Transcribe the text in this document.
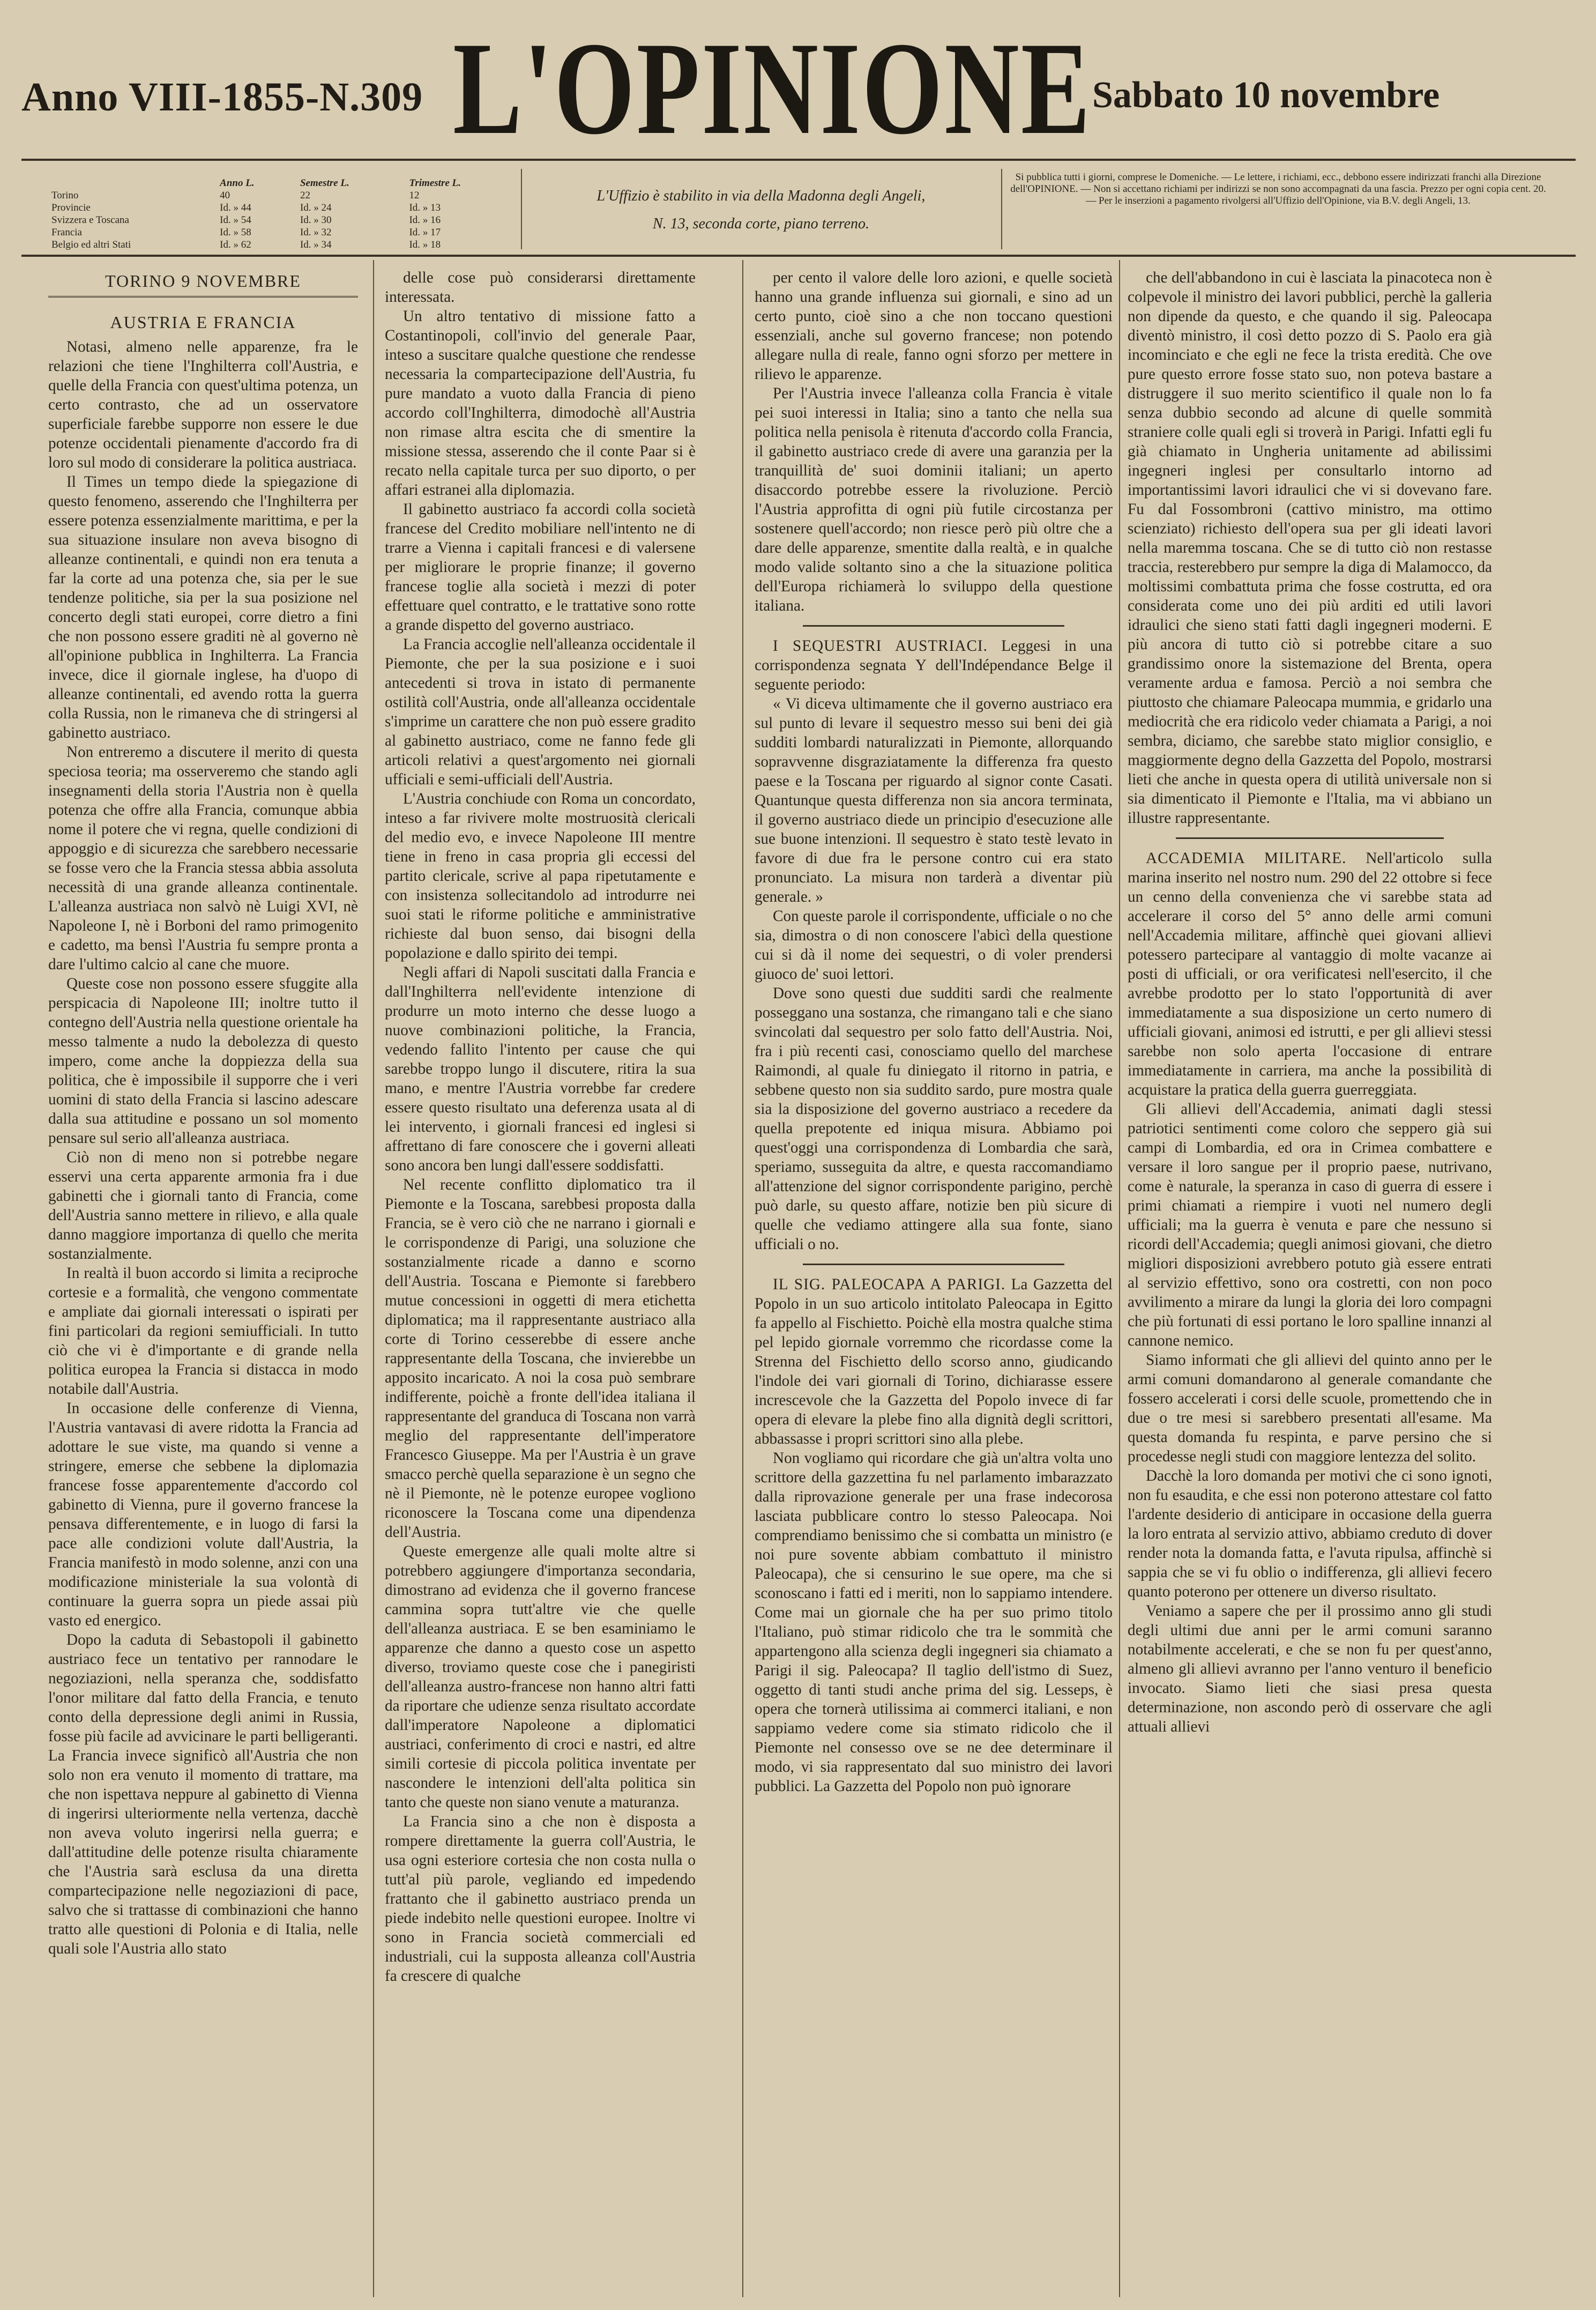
Anno VIII-1855-N.309 L'OPINIONE Sabbato 10 novembre
	Anno L.	Semestre L.	Trimestre L.
Torino	40	22	12
Provincie	Id. » 44	Id. » 24	Id. » 13
Svizzera e Toscana	Id. » 54	Id. » 30	Id. » 16
Francia	Id. » 58	Id. » 32	Id. » 17
Belgio ed altri Stati	Id. » 62	Id. » 34	Id. » 18
L'Uffizio è stabilito in via della Madonna degli Angeli,
N. 13, seconda corte, piano terreno.
Si pubblica tutti i giorni, comprese le Domeniche. — Le lettere, i richiami, ecc., debbono essere indirizzati franchi alla Direzione dell'OPINIONE. — Non si accettano richiami per indirizzi se non sono accompagnati da una fascia. Prezzo per ogni copia cent. 20. — Per le inserzioni a pagamento rivolgersi all'Uffizio dell'Opinione, via B.V. degli Angeli, 13.
TORINO 9 NOVEMBRE
AUSTRIA E FRANCIA

Notasi, almeno nelle apparenze, fra le relazioni che tiene l'Inghilterra coll'Austria, e quelle della Francia con quest'ultima potenza, un certo contrasto, che ad un osservatore superficiale farebbe supporre non essere le due potenze occidentali pienamente d'accordo fra di loro sul modo di considerare la politica austriaca.

Il Times un tempo diede la spiegazione di questo fenomeno, asserendo che l'Inghilterra per essere potenza essenzialmente marittima, e per la sua situazione insulare non aveva bisogno di alleanze continentali, e quindi non era tenuta a far la corte ad una potenza che, sia per le sue tendenze politiche, sia per la sua posizione nel concerto degli stati europei, corre dietro a fini che non possono essere graditi nè al governo nè all'opinione pubblica in Inghilterra. La Francia invece, dice il giornale inglese, ha d'uopo di alleanze continentali, ed avendo rotta la guerra colla Russia, non le rimaneva che di stringersi al gabinetto austriaco.

Non entreremo a discutere il merito di questa speciosa teoria; ma osserveremo che stando agli insegnamenti della storia l'Austria non è quella potenza che offre alla Francia, comunque abbia nome il potere che vi regna, quelle condizioni di appoggio e di sicurezza che sarebbero necessarie se fosse vero che la Francia stessa abbia assoluta necessità di una grande alleanza continentale. L'alleanza austriaca non salvò nè Luigi XVI, nè Napoleone I, nè i Borboni del ramo primogenito e cadetto, ma bensì l'Austria fu sempre pronta a dare l'ultimo calcio al cane che muore.

Queste cose non possono essere sfuggite alla perspicacia di Napoleone III; inoltre tutto il contegno dell'Austria nella questione orientale ha messo talmente a nudo la debolezza di questo impero, come anche la doppiezza della sua politica, che è impossibile il supporre che i veri uomini di stato della Francia si lascino adescare dalla sua attitudine e possano un sol momento pensare sul serio all'alleanza austriaca.

Ciò non di meno non si potrebbe negare esservi una certa apparente armonia fra i due gabinetti che i giornali tanto di Francia, come dell'Austria sanno mettere in rilievo, e alla quale danno maggiore importanza di quello che merita sostanzialmente.

In realtà il buon accordo si limita a reciproche cortesie e a formalità, che vengono commentate e ampliate dai giornali interessati o ispirati per fini particolari da regioni semiufficiali. In tutto ciò che vi è d'importante e di grande nella politica europea la Francia si distacca in modo notabile dall'Austria.

In occasione delle conferenze di Vienna, l'Austria vantavasi di avere ridotta la Francia ad adottare le sue viste, ma quando si venne a stringere, emerse che sebbene la diplomazia francese fosse apparentemente d'accordo col gabinetto di Vienna, pure il governo francese la pensava differentemente, e in luogo di farsi la pace alle condizioni volute dall'Austria, la Francia manifestò in modo solenne, anzi con una modificazione ministeriale la sua volontà di continuare la guerra sopra un piede assai più vasto ed energico.

Dopo la caduta di Sebastopoli il gabinetto austriaco fece un tentativo per rannodare le negoziazioni, nella speranza che, soddisfatto l'onor militare dal fatto della Francia, e tenuto conto della depressione degli animi in Russia, fosse più facile ad avvicinare le parti belligeranti. La Francia invece significò all'Austria che non solo non era venuto il momento di trattare, ma che non ispettava neppure al gabinetto di Vienna di ingerirsi ulteriormente nella vertenza, dacchè non aveva voluto ingerirsi nella guerra; e dall'attitudine delle potenze risulta chiaramente che l'Austria sarà esclusa da una diretta compartecipazione nelle negoziazioni di pace, salvo che si trattasse di combinazioni che hanno tratto alle questioni di Polonia e di Italia, nelle quali sole l'Austria allo stato

delle cose può considerarsi direttamente interessata.

Un altro tentativo di missione fatto a Costantinopoli, coll'invio del generale Paar, inteso a suscitare qualche questione che rendesse necessaria la compartecipazione dell'Austria, fu pure mandato a vuoto dalla Francia di pieno accordo coll'Inghilterra, dimodochè all'Austria non rimase altra escita che di smentire la missione stessa, asserendo che il conte Paar si è recato nella capitale turca per suo diporto, o per affari estranei alla diplomazia.

Il gabinetto austriaco fa accordi colla società francese del Credito mobiliare nell'intento ne di trarre a Vienna i capitali francesi e di valersene per migliorare le proprie finanze; il governo francese toglie alla società i mezzi di poter effettuare quel contratto, e le trattative sono rotte a grande dispetto del governo austriaco.

La Francia accoglie nell'alleanza occidentale il Piemonte, che per la sua posizione e i suoi antecedenti si trova in istato di permanente ostilità coll'Austria, onde all'alleanza occidentale s'imprime un carattere che non può essere gradito al gabinetto austriaco, come ne fanno fede gli articoli relativi a quest'argomento nei giornali ufficiali e semi-ufficiali dell'Austria.

L'Austria conchiude con Roma un concordato, inteso a far rivivere molte mostruosità clericali del medio evo, e invece Napoleone III mentre tiene in freno in casa propria gli eccessi del partito clericale, scrive al papa ripetutamente e con insistenza sollecitandolo ad introdurre nei suoi stati le riforme politiche e amministrative richieste dal buon senso, dai bisogni della popolazione e dallo spirito dei tempi.

Negli affari di Napoli suscitati dalla Francia e dall'Inghilterra nell'evidente intenzione di produrre un moto interno che desse luogo a nuove combinazioni politiche, la Francia, vedendo fallito l'intento per cause che qui sarebbe troppo lungo il discutere, ritira la sua mano, e mentre l'Austria vorrebbe far credere essere questo risultato una deferenza usata al di lei intervento, i giornali francesi ed inglesi si affrettano di fare conoscere che i governi alleati sono ancora ben lungi dall'essere soddisfatti.

Nel recente conflitto diplomatico tra il Piemonte e la Toscana, sarebbesi proposta dalla Francia, se è vero ciò che ne narrano i giornali e le corrispondenze di Parigi, una soluzione che sostanzialmente ricade a danno e scorno dell'Austria. Toscana e Piemonte si farebbero mutue concessioni in oggetti di mera etichetta diplomatica; ma il rappresentante austriaco alla corte di Torino cesserebbe di essere anche rappresentante della Toscana, che invierebbe un apposito incaricato. A noi la cosa può sembrare indifferente, poichè a fronte dell'idea italiana il rappresentante del granduca di Toscana non varrà meglio del rappresentante dell'imperatore Francesco Giuseppe. Ma per l'Austria è un grave smacco perchè quella separazione è un segno che nè il Piemonte, nè le potenze europee vogliono riconoscere la Toscana come una dipendenza dell'Austria.

Queste emergenze alle quali molte altre si potrebbero aggiungere d'importanza secondaria, dimostrano ad evidenza che il governo francese cammina sopra tutt'altre vie che quelle dell'alleanza austriaca. E se ben esaminiamo le apparenze che danno a questo cose un aspetto diverso, troviamo queste cose che i panegiristi dell'alleanza austro-francese non hanno altri fatti da riportare che udienze senza risultato accordate dall'imperatore Napoleone a diplomatici austriaci, conferimento di croci e nastri, ed altre simili cortesie di piccola politica inventate per nascondere le intenzioni dell'alta politica sin tanto che queste non siano venute a maturanza.

La Francia sino a che non è disposta a rompere direttamente la guerra coll'Austria, le usa ogni esteriore cortesia che non costa nulla o tutt'al più parole, vegliando ed impedendo frattanto che il gabinetto austriaco prenda un piede indebito nelle questioni europee. Inoltre vi sono in Francia società commerciali ed industriali, cui la supposta alleanza coll'Austria fa crescere di qualche

per cento il valore delle loro azioni, e quelle società hanno una grande influenza sui giornali, e sino ad un certo punto, cioè sino a che non toccano questioni essenziali, anche sul governo francese; non potendo allegare nulla di reale, fanno ogni sforzo per mettere in rilievo le apparenze.

Per l'Austria invece l'alleanza colla Francia è vitale pei suoi interessi in Italia; sino a tanto che nella sua politica nella penisola è ritenuta d'accordo colla Francia, il gabinetto austriaco crede di avere una garanzia per la tranquillità de' suoi dominii italiani; un aperto disaccordo potrebbe essere la rivoluzione. Perciò l'Austria approfitta di ogni più futile circostanza per sostenere quell'accordo; non riesce però più oltre che a dare delle apparenze, smentite dalla realtà, e in qualche modo valide soltanto sino a che la situazione politica dell'Europa richiamerà lo sviluppo della questione italiana.

I SEQUESTRI AUSTRIACI. Leggesi in una corrispondenza segnata Y dell'Indépendance Belge il seguente periodo:

« Vi diceva ultimamente che il governo austriaco era sul punto di levare il sequestro messo sui beni dei già sudditi lombardi naturalizzati in Piemonte, allorquando sopravvenne disgraziatamente la differenza fra questo paese e la Toscana per riguardo al signor conte Casati. Quantunque questa differenza non sia ancora terminata, il governo austriaco diede un principio d'esecuzione alle sue buone intenzioni. Il sequestro è stato testè levato in favore di due fra le persone contro cui era stato pronunciato. La misura non tarderà a diventar più generale. »

Con queste parole il corrispondente, ufficiale o no che sia, dimostra o di non conoscere l'abicì della questione cui si dà il nome dei sequestri, o di voler prendersi giuoco de' suoi lettori.

Dove sono questi due sudditi sardi che realmente posseggano una sostanza, che rimangano tali e che siano svincolati dal sequestro per solo fatto dell'Austria. Noi, fra i più recenti casi, conosciamo quello del marchese Raimondi, al quale fu diniegato il ritorno in patria, e sebbene questo non sia suddito sardo, pure mostra quale sia la disposizione del governo austriaco a recedere da quella prepotente ed iniqua misura. Abbiamo poi quest'oggi una corrispondenza di Lombardia che sarà, speriamo, susseguita da altre, e questa raccomandiamo all'attenzione del signor corrispondente parigino, perchè può darle, su questo affare, notizie ben più sicure di quelle che vediamo attingere alla sua fonte, siano ufficiali o no.

IL SIG. PALEOCAPA A PARIGI. La Gazzetta del Popolo in un suo articolo intitolato Paleocapa in Egitto fa appello al Fischietto. Poichè ella mostra qualche stima pel lepido giornale vorremmo che ricordasse come la Strenna del Fischietto dello scorso anno, giudicando l'indole dei vari giornali di Torino, dichiarasse essere increscevole che la Gazzetta del Popolo invece di far opera di elevare la plebe fino alla dignità degli scrittori, abbassasse i propri scrittori sino alla plebe.

Non vogliamo qui ricordare che già un'altra volta uno scrittore della gazzettina fu nel parlamento imbarazzato dalla riprovazione generale per una frase indecorosa lasciata pubblicare contro lo stesso Paleocapa. Noi comprendiamo benissimo che si combatta un ministro (e noi pure sovente abbiam combattuto il ministro Paleocapa), che si censurino le sue opere, ma che si sconoscano i fatti ed i meriti, non lo sappiamo intendere. Come mai un giornale che ha per suo primo titolo l'Italiano, può stimar ridicolo che tra le sommità che appartengono alla scienza degli ingegneri sia chiamato a Parigi il sig. Paleocapa? Il taglio dell'istmo di Suez, oggetto di tanti studi anche prima del sig. Lesseps, è opera che tornerà utilissima ai commerci italiani, e non sappiamo vedere come sia stimato ridicolo che il Piemonte nel consesso ove se ne dee determinare il modo, vi sia rappresentato dal suo ministro dei lavori pubblici. La Gazzetta del Popolo non può ignorare

che dell'abbandono in cui è lasciata la pinacoteca non è colpevole il ministro dei lavori pubblici, perchè la galleria non dipende da questo, e che quando il sig. Paleocapa diventò ministro, il così detto pozzo di S. Paolo era già incominciato e che egli ne fece la trista eredità. Che ove pure questo errore fosse stato suo, non poteva bastare a distruggere il suo merito scientifico il quale non lo fa senza dubbio secondo ad alcune di quelle sommità straniere colle quali egli si troverà in Parigi. Infatti egli fu già chiamato in Ungheria unitamente ad abilissimi ingegneri inglesi per consultarlo intorno ad importantissimi lavori idraulici che vi si dovevano fare. Fu dal Fossombroni (cattivo ministro, ma ottimo scienziato) richiesto dell'opera sua per gli ideati lavori nella maremma toscana. Che se di tutto ciò non restasse traccia, resterebbero pur sempre la diga di Malamocco, da moltissimi combattuta prima che fosse costrutta, ed ora considerata come uno dei più arditi ed utili lavori idraulici che sieno stati fatti dagli ingegneri moderni. E più ancora di tutto ciò si potrebbe citare a suo grandissimo onore la sistemazione del Brenta, opera veramente ardua e famosa. Perciò a noi sembra che piuttosto che chiamare Paleocapa mummia, e gridarlo una mediocrità che era ridicolo veder chiamata a Parigi, a noi sembra, diciamo, che sarebbe stato miglior consiglio, e maggiormente degno della Gazzetta del Popolo, mostrarsi lieti che anche in questa opera di utilità universale non si sia dimenticato il Piemonte e l'Italia, ma vi abbiano un illustre rappresentante.

ACCADEMIA MILITARE. Nell'articolo sulla marina inserito nel nostro num. 290 del 22 ottobre si fece un cenno della convenienza che vi sarebbe stata ad accelerare il corso del 5° anno delle armi comuni nell'Accademia militare, affinchè quei giovani allievi potessero partecipare al vantaggio di molte vacanze ai posti di ufficiali, or ora verificatesi nell'esercito, il che avrebbe prodotto per lo stato l'opportunità di aver immediatamente a sua disposizione un certo numero di ufficiali giovani, animosi ed istrutti, e per gli allievi stessi sarebbe non solo aperta l'occasione di entrare immediatamente in carriera, ma anche la possibilità di acquistare la pratica della guerra guerreggiata.

Gli allievi dell'Accademia, animati dagli stessi patriotici sentimenti come coloro che seppero già sui campi di Lombardia, ed ora in Crimea combattere e versare il loro sangue per il proprio paese, nutrivano, come è naturale, la speranza in caso di guerra di essere i primi chiamati a riempire i vuoti nel numero degli ufficiali; ma la guerra è venuta e pare che nessuno si ricordi dell'Accademia; quegli animosi giovani, che dietro migliori disposizioni avrebbero potuto già essere entrati al servizio effettivo, sono ora costretti, con non poco avvilimento a mirare da lungi la gloria dei loro compagni che più fortunati di essi portano le loro spalline innanzi al cannone nemico.

Siamo informati che gli allievi del quinto anno per le armi comuni domandarono al generale comandante che fossero accelerati i corsi delle scuole, promettendo che in due o tre mesi si sarebbero presentati all'esame. Ma questa domanda fu respinta, e parve persino che si procedesse negli studi con maggiore lentezza del solito.

Dacchè la loro domanda per motivi che ci sono ignoti, non fu esaudita, e che essi non poterono attestare col fatto l'ardente desiderio di anticipare in occasione della guerra la loro entrata al servizio attivo, abbiamo creduto di dover render nota la domanda fatta, e l'avuta ripulsa, affinchè si sappia che se vi fu oblio o indifferenza, gli allievi fecero quanto poterono per ottenere un diverso risultato.

Veniamo a sapere che per il prossimo anno gli studi degli ultimi due anni per le armi comuni saranno notabilmente accelerati, e che se non fu per quest'anno, almeno gli allievi avranno per l'anno venturo il beneficio invocato. Siamo lieti che siasi presa questa determinazione, non ascondo però di osservare che agli attuali allievi
